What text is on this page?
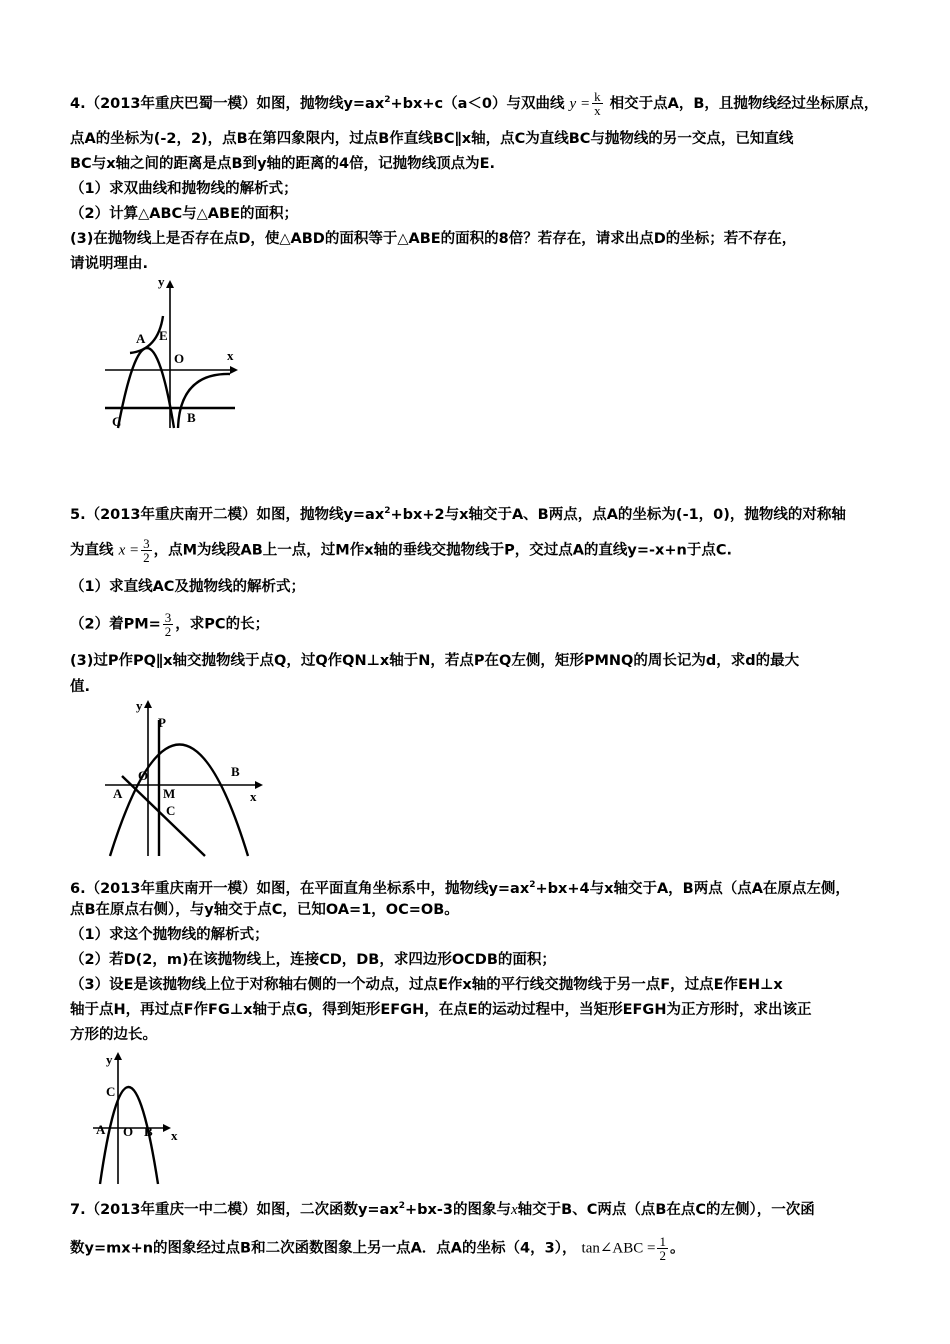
4.（2013年重庆巴蜀一模）如图，抛物线$y=ax^2+bx+c(a<0)$与双曲线 $y = \frac{k}{x}$ 相交于点A，B，且抛物线经过坐标原点，
点A的坐标为(-2，2)，点B在第四象限内，过点B作直线BC∥x轴，点C为直线BC与抛物线的另一交点，已知直线
BC与x轴之间的距离是点B到y轴的距离的4倍，记抛物线顶点为E.
（1）求双曲线和抛物线的解析式；
（2）计算△ABC与△ABE的面积；
(3)在抛物线上是否存在点D，使△ABD的面积等于△ABE的面积的8倍？若存在，请求出点D的坐标；若不存在，
请说明理由.
y
x
A E
O
C	B
5.（2013年重庆南开二模）如图，抛物线$y=ax^2+bx+2$与x轴交于A、B两点，点A的坐标为(-1，0)，抛物线的对称轴
为直线 $x = \frac{3}{2}$ ，点M为线段AB上一点，过M作x轴的垂线交抛物线于P，交过点A的直线y=-x+n于点C.
（1）求直线AC及抛物线的解析式；
（2）着$PM= \frac{3}{2}$ ，求PC的长；
(3)过P作PQ∥x轴交抛物线于点Q，过Q作QN⊥x轴于N，若点P在Q左侧，矩形PMNQ的周长记为d，求d的最大
值.
y
x
P
O
A	M
C
B
6.（2013年重庆南开一模）如图，在平面直角坐标系中，抛物线$y=ax^2+bx+4$与x轴交于A，B两点（点A在原点左侧，
点B在原点右侧），与y轴交于点C，已知OA=1，OC=OB。
（1）求这个抛物线的解析式；
（2）若D(2，m)在该抛物线上，连接CD，DB，求四边形OCDB的面积；
（3）设E是该抛物线上位于对称轴右侧的一个动点，过点E作x轴的平行线交抛物线于另一点F，过点E作EH⊥x
轴于点H，再过点F作FG⊥x轴于点G，得到矩形EFGH，在点E的运动过程中，当矩形EFGH为正方形时，求出该正
方形的边长。
y
x
C
A O B
7.（2013年重庆一中二模）如图，二次函数$y=ax^2+bx-3$的图象与x轴交于B、C两点（点B在点C的左侧），一次函
数y=mx+n的图象经过点B和二次函数图象上另一点A．点A的坐标（4，3）， tan∠ABC = $\frac{1}{2}$ 。
